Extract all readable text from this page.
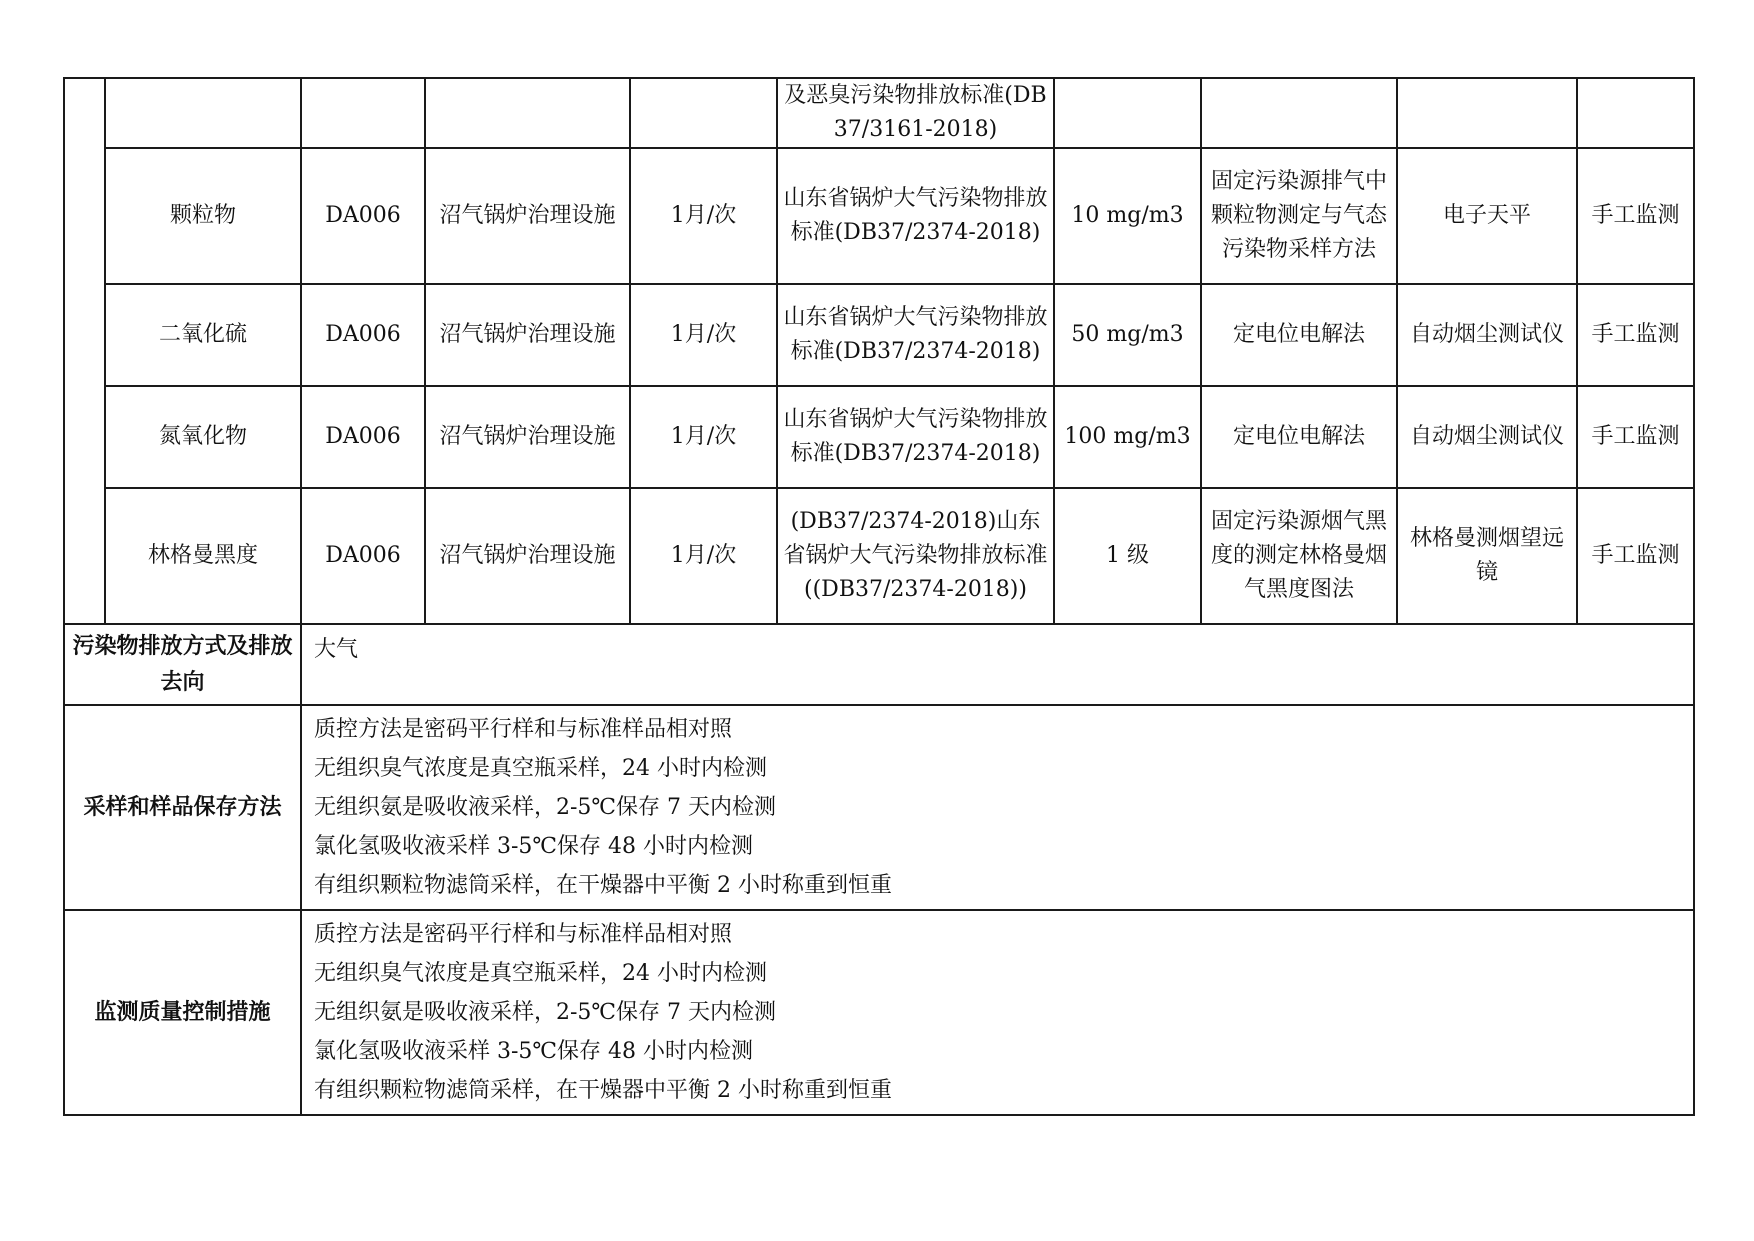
					及恶臭污染物排放标准(DB37/3161-2018)				
	颗粒物	DA006	沼气锅炉治理设施	1月/次	山东省锅炉大气污染物排放标准(DB37/2374-2018)	10 mg/m3	固定污染源排气中颗粒物测定与气态污染物采样方法	电子天平	手工监测
	二氧化硫	DA006	沼气锅炉治理设施	1月/次	山东省锅炉大气污染物排放标准(DB37/2374-2018)	50 mg/m3	定电位电解法	自动烟尘测试仪	手工监测
	氮氧化物	DA006	沼气锅炉治理设施	1月/次	山东省锅炉大气污染物排放标准(DB37/2374-2018)	100 mg/m3	定电位电解法	自动烟尘测试仪	手工监测
	林格曼黑度	DA006	沼气锅炉治理设施	1月/次	(DB37/2374-2018)山东省锅炉大气污染物排放标准((DB37/2374-2018))	1 级	固定污染源烟气黑度的测定林格曼烟气黑度图法	林格曼测烟望远镜	手工监测
污染物排放方式及排放去向		大气							
采样和样品保存方法		质控方法是密码平行样和与标准样品相对照
无组织臭气浓度是真空瓶采样，24 小时内检测
无组织氨是吸收液采样，2-5℃保存 7 天内检测
氯化氢吸收液采样 3-5℃保存 48 小时内检测
有组织颗粒物滤筒采样，在干燥器中平衡 2 小时称重到恒重							

监测质量控制措施		质控方法是密码平行样和与标准样品相对照
无组织臭气浓度是真空瓶采样，24 小时内检测
无组织氨是吸收液采样，2-5℃保存 7 天内检测
氯化氢吸收液采样 3-5℃保存 48 小时内检测
有组织颗粒物滤筒采样，在干燥器中平衡 2 小时称重到恒重							
